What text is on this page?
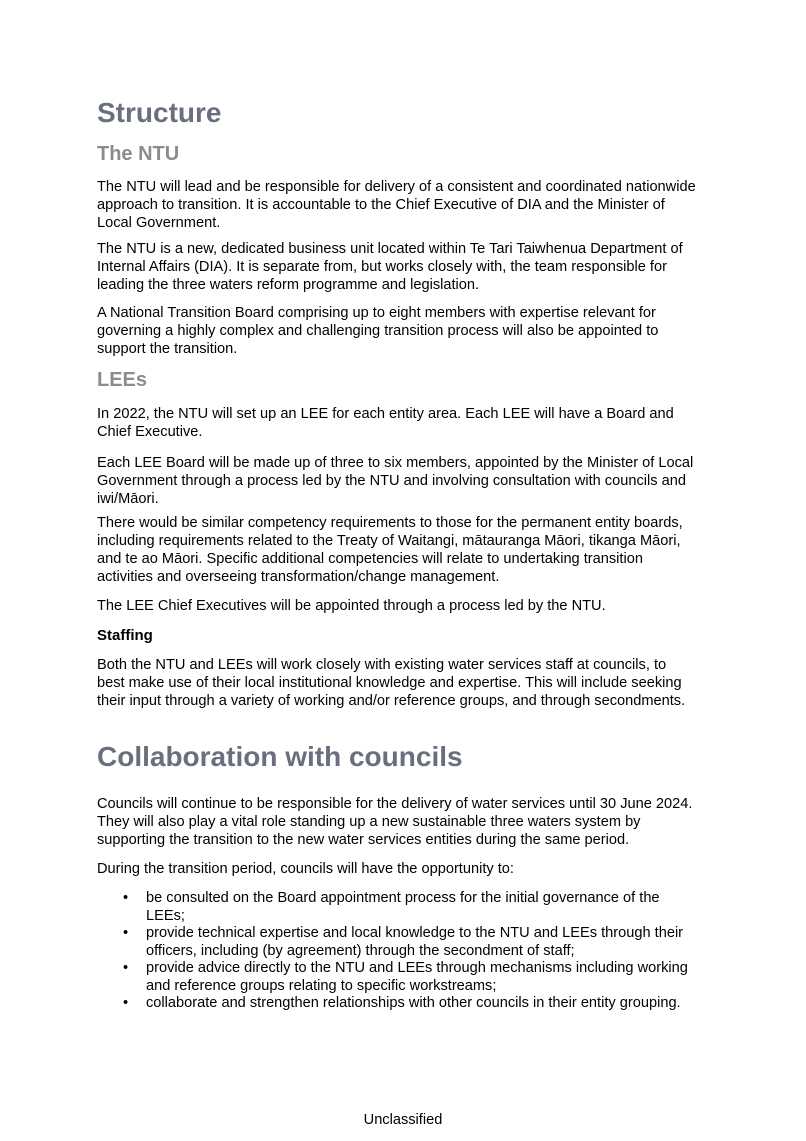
Structure
The NTU
The NTU will lead and be responsible for delivery of a consistent and coordinated nationwide
approach to transition. It is accountable to the Chief Executive of DIA and the Minister of
Local Government.
The NTU is a new, dedicated business unit located within Te Tari Taiwhenua Department of
Internal Affairs (DIA). It is separate from, but works closely with, the team responsible for
leading the three waters reform programme and legislation.
A National Transition Board comprising up to eight members with expertise relevant for
governing a highly complex and challenging transition process will also be appointed to
support the transition.
LEEs
In 2022, the NTU will set up an LEE for each entity area. Each LEE will have a Board and
Chief Executive.
Each LEE Board will be made up of three to six members, appointed by the Minister of Local
Government through a process led by the NTU and involving consultation with councils and
iwi/Māori.
There would be similar competency requirements to those for the permanent entity boards,
including requirements related to the Treaty of Waitangi, mātauranga Māori, tikanga Māori,
and te ao Māori. Specific additional competencies will relate to undertaking transition
activities and overseeing transformation/change management.
The LEE Chief Executives will be appointed through a process led by the NTU.
Staffing
Both the NTU and LEEs will work closely with existing water services staff at councils, to
best make use of their local institutional knowledge and expertise. This will include seeking
their input through a variety of working and/or reference groups, and through secondments.
Collaboration with councils
Councils will continue to be responsible for the delivery of water services until 30 June 2024.
They will also play a vital role standing up a new sustainable three waters system by
supporting the transition to the new water services entities during the same period.
During the transition period, councils will have the opportunity to:
• be consulted on the Board appointment process for the initial governance of the
LEEs;
• provide technical expertise and local knowledge to the NTU and LEEs through their
officers, including (by agreement) through the secondment of staff;
• provide advice directly to the NTU and LEEs through mechanisms including working
and reference groups relating to specific workstreams;
• collaborate and strengthen relationships with other councils in their entity grouping.
Unclassified
